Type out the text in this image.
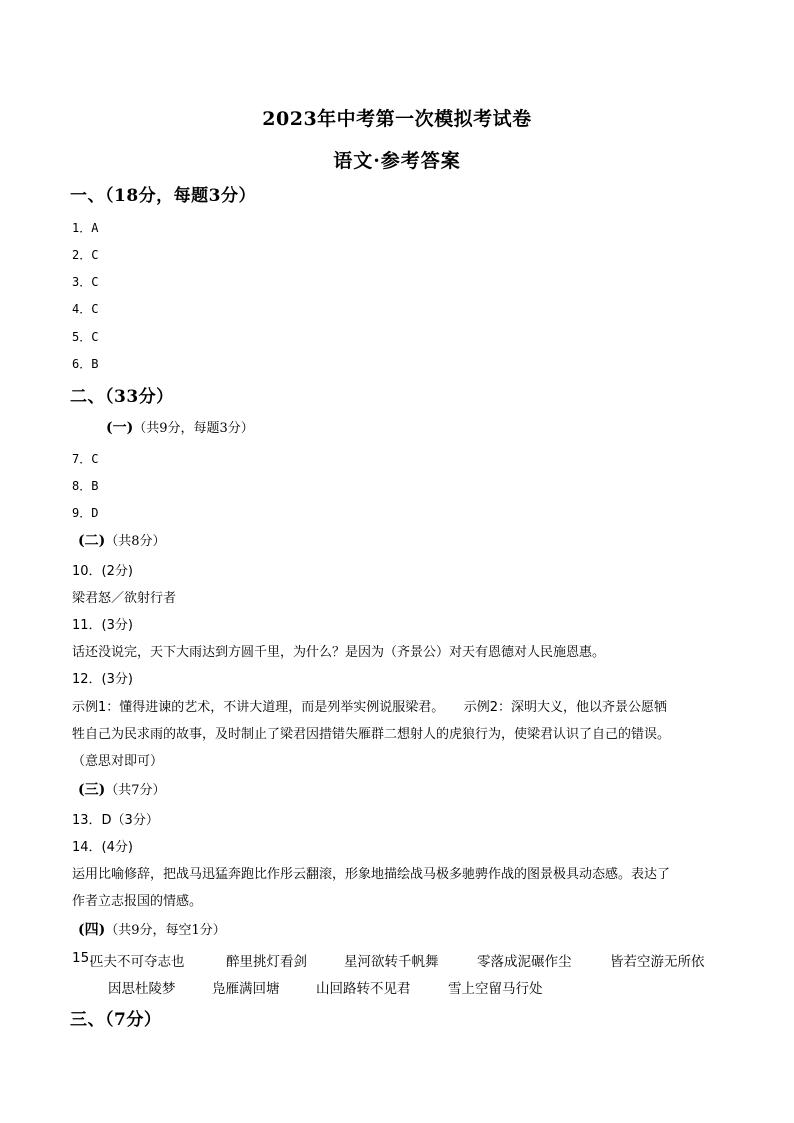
2023年中考第一次模拟考试卷
语文·参考答案
一、（18分，每题3分）
1．A
2．C
3．C
4．C
5．C
6．B
二、（33分）
(一)（共9分，每题3分）
7．C
8．B
9．D
(二)（共8分）
10．(2分)
梁君怒／欲射行者
11．(3分)
话还没说完，天下大雨达到方圆千里，为什么？是因为（齐景公）对天有恩德对人民施恩惠。
12．(3分)
示例1：懂得进谏的艺术，不讲大道理，而是列举实例说服梁君。　　示例2：深明大义，他以齐景公愿牺
牲自己为民求雨的故事，及时制止了梁君因措错失雁群二想射人的虎狼行为，使梁君认识了自己的错误。
（意思对即可）
(三)（共7分）
13．D（3分）
14．(4分)
运用比喻修辞，把战马迅猛奔跑比作彤云翻滚，形象地描绘战马极多驰骋作战的图景极具动态感。表达了
作者立志报国的情感。
(四)（共9分，每空1分）
15.
匹夫不可夺志也	醉里挑灯看剑	星河欲转千帆舞	零落成泥碾作尘	皆若空游无所依
因思杜陵梦	凫雁满回塘	山回路转不见君	雪上空留马行处
三、（7分）
